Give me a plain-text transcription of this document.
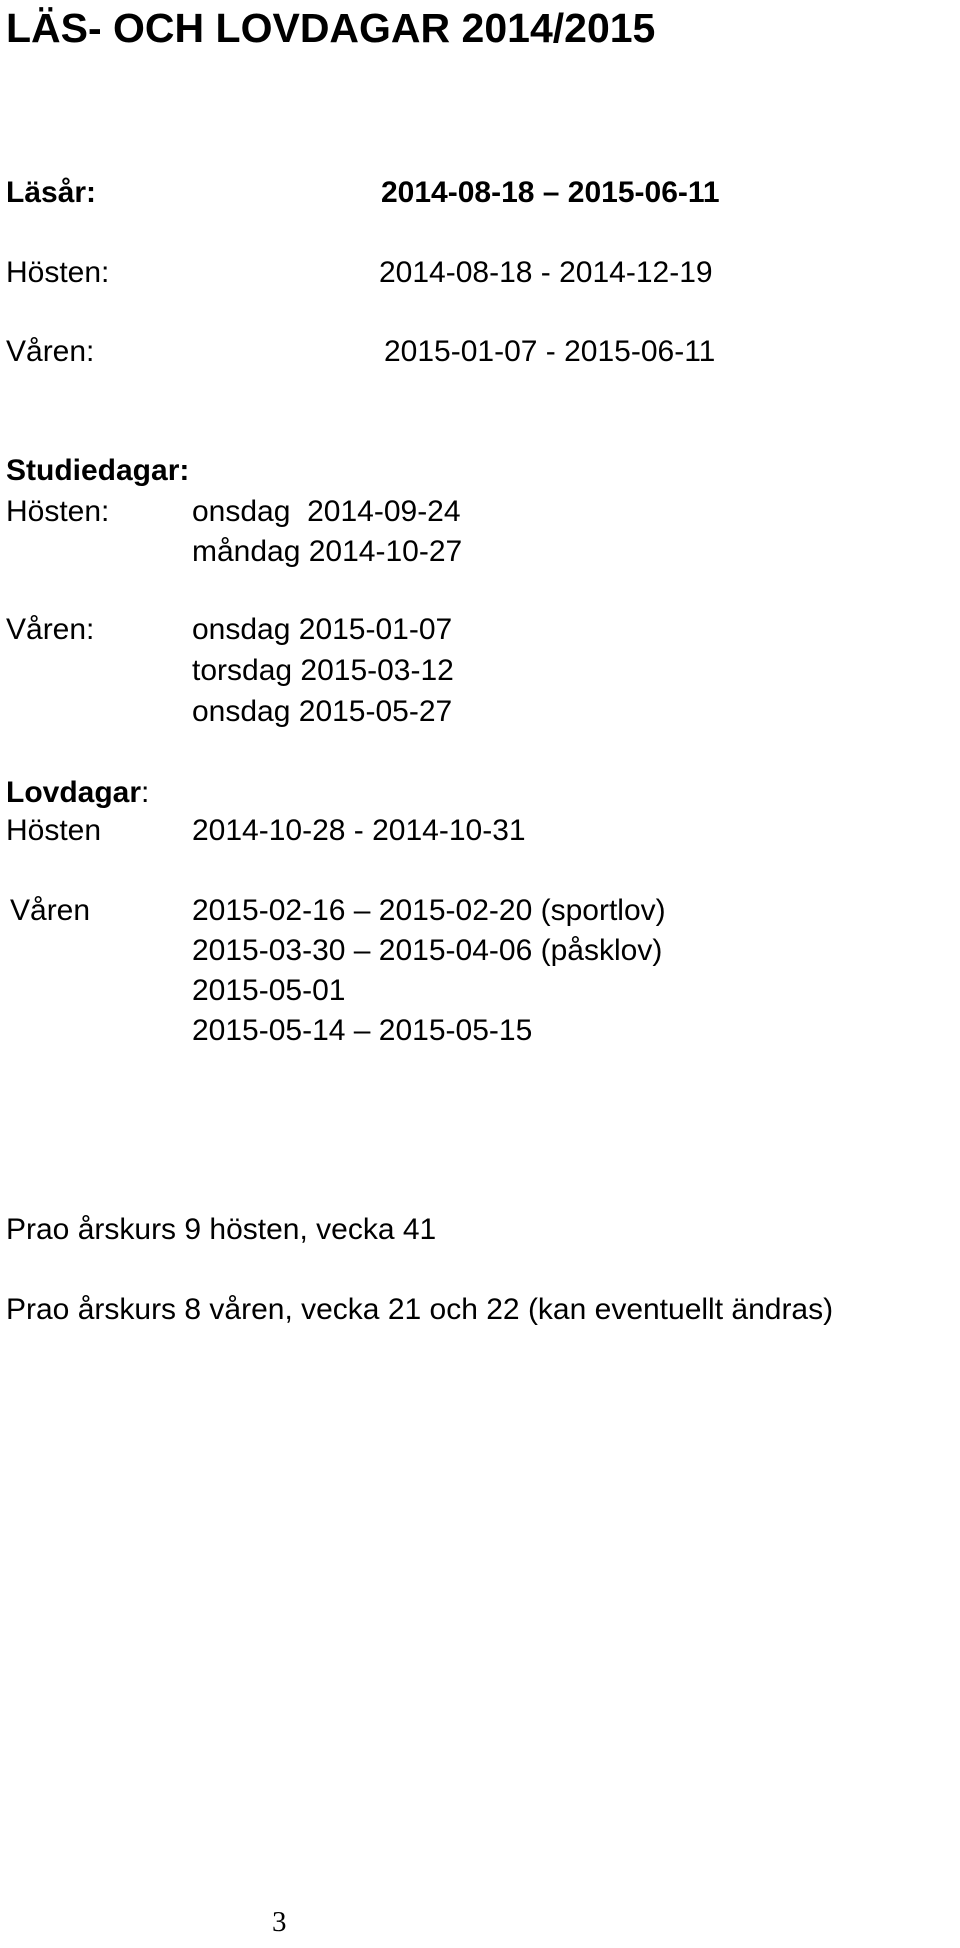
LÄS- OCH LOVDAGAR 2014/2015
Läsår:	2014-08-18 – 2015-06-11
Hösten:	2014-08-18 - 2014-12-19
Våren:	2015-01-07 - 2015-06-11
Studiedagar:
Hösten:	onsdag  2014-09-24
måndag 2014-10-27
Våren:	onsdag 2015-01-07
torsdag 2015-03-12
onsdag 2015-05-27
Lovdagar:
Hösten	2014-10-28 - 2014-10-31
Våren	2015-02-16 – 2015-02-20 (sportlov)
2015-03-30 – 2015-04-06 (påsklov)
2015-05-01
2015-05-14 – 2015-05-15
Prao årskurs 9 hösten, vecka 41
Prao årskurs 8 våren, vecka 21 och 22 (kan eventuellt ändras)
3
